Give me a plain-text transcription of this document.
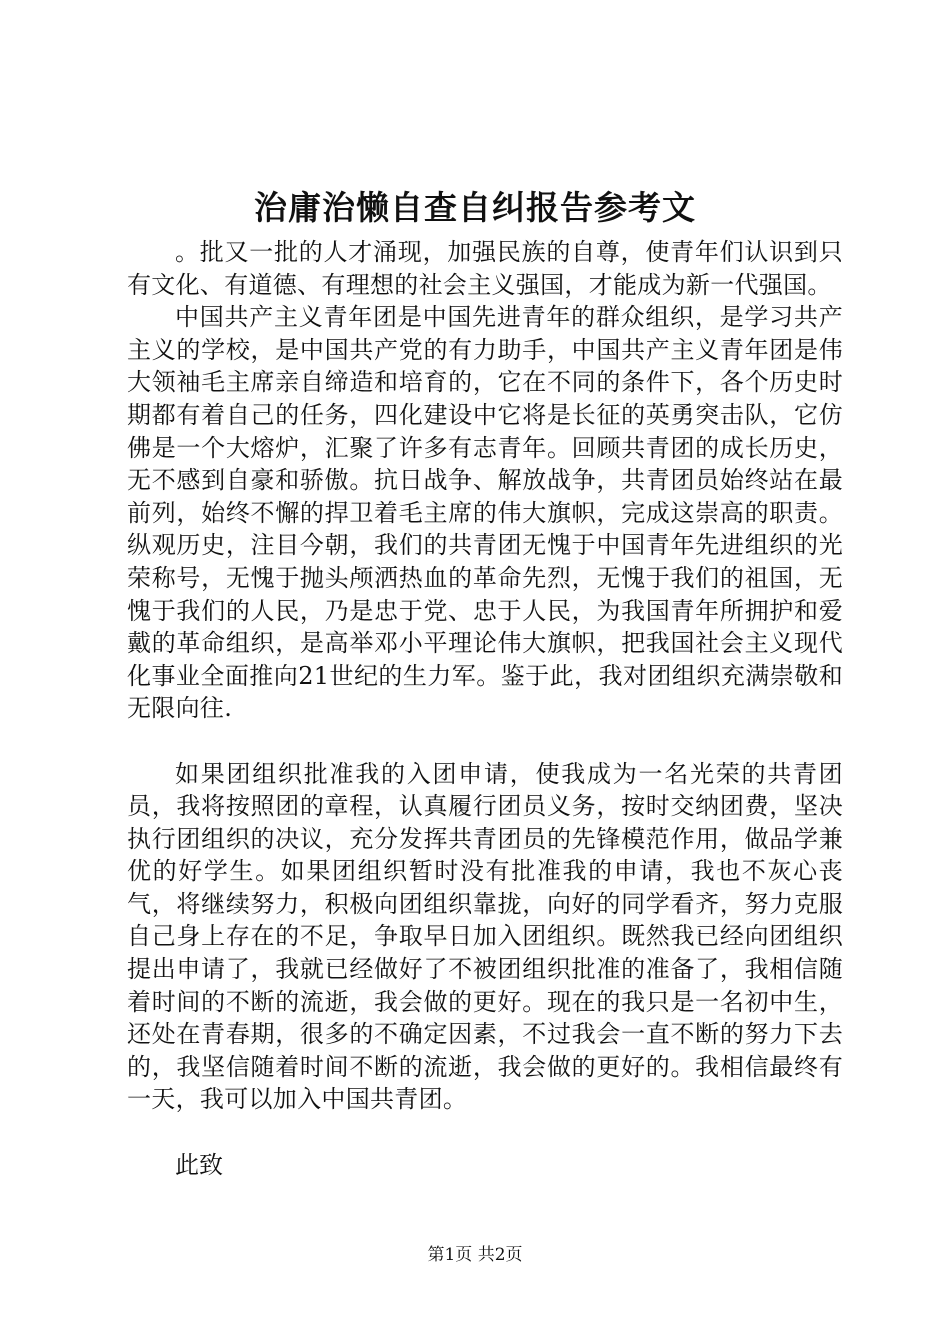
治庸治懒自查自纠报告参考文

。批又一批的人才涌现，加强民族的自尊，使青年们认识到只有文化、有道德、有理想的社会主义强国，才能成为新一代强国。

中国共产主义青年团是中国先进青年的群众组织，是学习共产主义的学校，是中国共产党的有力助手，中国共产主义青年团是伟大领袖毛主席亲自缔造和培育的，它在不同的条件下，各个历史时期都有着自己的任务，四化建设中它将是长征的英勇突击队，它仿佛是一个大熔炉，汇聚了许多有志青年。回顾共青团的成长历史，无不感到自豪和骄傲。抗日战争、解放战争，共青团员始终站在最前列，始终不懈的捍卫着毛主席的伟大旗帜，完成这崇高的职责。纵观历史，注目今朝，我们的共青团无愧于中国青年先进组织的光荣称号，无愧于抛头颅洒热血的革命先烈，无愧于我们的祖国，无愧于我们的人民，乃是忠于党、忠于人民，为我国青年所拥护和爱戴的革命组织，是高举邓小平理论伟大旗帜，把我国社会主义现代化事业全面推向21世纪的生力军。鉴于此，我对团组织充满崇敬和无限向往.

如果团组织批准我的入团申请，使我成为一名光荣的共青团员，我将按照团的章程，认真履行团员义务，按时交纳团费，坚决执行团组织的决议，充分发挥共青团员的先锋模范作用，做品学兼优的好学生。如果团组织暂时没有批准我的申请，我也不灰心丧气，将继续努力，积极向团组织靠拢，向好的同学看齐，努力克服自己身上存在的不足，争取早日加入团组织。既然我已经向团组织提出申请了，我就已经做好了不被团组织批准的准备了，我相信随着时间的不断的流逝，我会做的更好。现在的我只是一名初中生，还处在青春期，很多的不确定因素，不过我会一直不断的努力下去的，我坚信随着时间不断的流逝，我会做的更好的。我相信最终有一天，我可以加入中国共青团。

此致

第1页 共2页
